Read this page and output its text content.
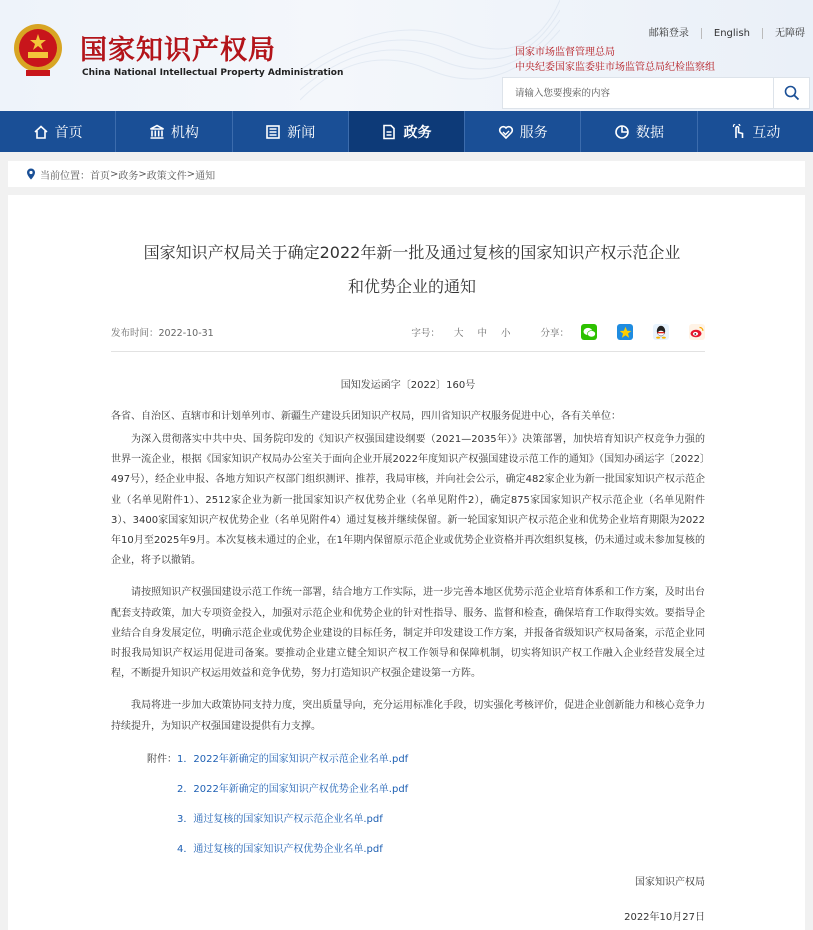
国家知识产权局
China National Intellectual Property Administration
邮箱登录	English	无障碍
国家市场监督管理总局
中央纪委国家监委驻市场监管总局纪检监察组
请输入您要搜索的内容
首页	机构	新闻	政务	服务	数据	互动
当前位置： 首页 > 政务 > 政策文件 > 通知
国家知识产权局关于确定2022年新一批及通过复核的国家知识产权示范企业
和优势企业的通知
发布时间：2022-10-31	字号： 大 中 小	分享：
国知发运函字〔2022〕160号
各省、自治区、直辖市和计划单列市、新疆生产建设兵团知识产权局，四川省知识产权服务促进中心，各有关单位：

为深入贯彻落实中共中央、国务院印发的《知识产权强国建设纲要（2021—2035年）》决策部署，加快培育知识产权竞争力强的世界一流企业，根据《国家知识产权局办公室关于面向企业开展2022年度知识产权强国建设示范工作的通知》（国知办函运字〔2022〕497号），经企业申报、各地方知识产权部门组织测评、推荐，我局审核，并向社会公示，确定482家企业为新一批国家知识产权示范企业（名单见附件1）、2512家企业为新一批国家知识产权优势企业（名单见附件2），确定875家国家知识产权示范企业（名单见附件3）、3400家国家知识产权优势企业（名单见附件4）通过复核并继续保留。新一轮国家知识产权示范企业和优势企业培育期限为2022年10月至2025年9月。本次复核未通过的企业，在1年期内保留原示范企业或优势企业资格并再次组织复核，仍未通过或未参加复核的企业，将予以撤销。

请按照知识产权强国建设示范工作统一部署，结合地方工作实际，进一步完善本地区优势示范企业培育体系和工作方案，及时出台配套支持政策，加大专项资金投入，加强对示范企业和优势企业的针对性指导、服务、监督和检查，确保培育工作取得实效。要指导企业结合自身发展定位，明确示范企业或优势企业建设的目标任务，制定并印发建设工作方案，并报备省级知识产权局备案，示范企业同时报我局知识产权运用促进司备案。要推动企业建立健全知识产权工作领导和保障机制，切实将知识产权工作融入企业经营发展全过程，不断提升知识产权运用效益和竞争优势，努力打造知识产权强企建设第一方阵。

我局将进一步加大政策协同支持力度，突出质量导向，充分运用标准化手段，切实强化考核评价，促进企业创新能力和核心竞争力持续提升，为知识产权强国建设提供有力支撑。

附件： 1．2022年新确定的国家知识产权示范企业名单.pdf
2．2022年新确定的国家知识产权优势企业名单.pdf
3．通过复核的国家知识产权示范企业名单.pdf
4．通过复核的国家知识产权优势企业名单.pdf
国家知识产权局
2022年10月27日
